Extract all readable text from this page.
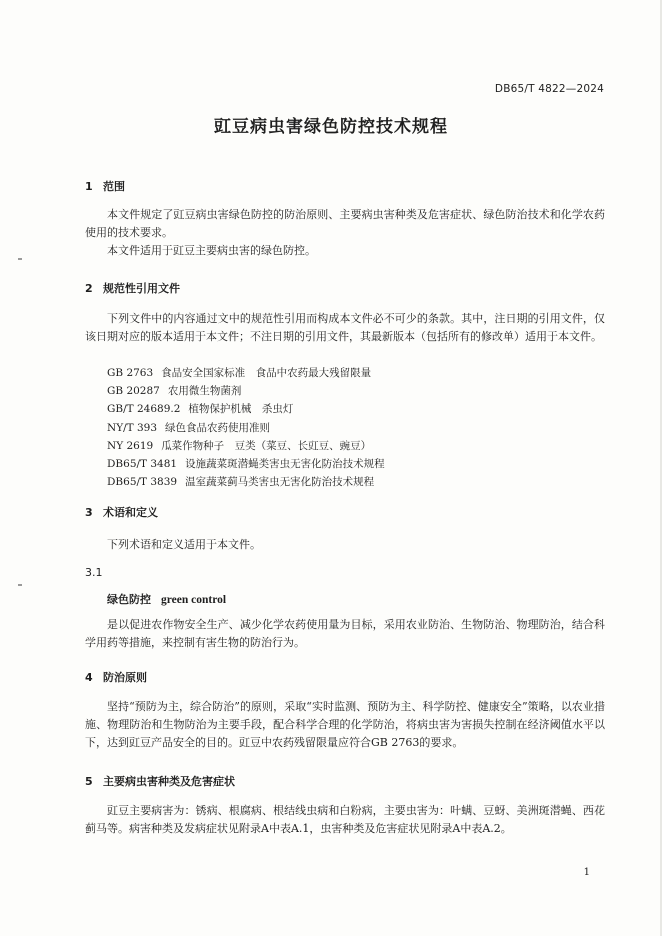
DB65/T 4822—2024
豇豆病虫害绿色防控技术规程
1 范围
本文件规定了豇豆病虫害绿色防控的防治原则、主要病虫害种类及危害症状、绿色防治技术和化学农药使用的技术要求。
本文件适用于豇豆主要病虫害的绿色防控。
2 规范性引用文件
下列文件中的内容通过文中的规范性引用而构成本文件必不可少的条款。其中，注日期的引用文件，仅该日期对应的版本适用于本文件；不注日期的引用文件，其最新版本（包括所有的修改单）适用于本文件。
GB 2763 食品安全国家标准　食品中农药最大残留限量
GB 20287 农用微生物菌剂
GB/T 24689.2 植物保护机械　杀虫灯
NY/T 393 绿色食品农药使用准则
NY 2619 瓜菜作物种子　豆类（菜豆、长豇豆、豌豆）
DB65/T 3481 设施蔬菜斑潜蝇类害虫无害化防治技术规程
DB65/T 3839 温室蔬菜蓟马类害虫无害化防治技术规程
3 术语和定义
下列术语和定义适用于本文件。
3.1
绿色防控 green control
是以促进农作物安全生产、减少化学农药使用量为目标，采用农业防治、生物防治、物理防治，结合科学用药等措施，来控制有害生物的防治行为。
4 防治原则
坚持“预防为主，综合防治”的原则，采取“实时监测、预防为主、科学防控、健康安全”策略，以农业措施、物理防治和生物防治为主要手段，配合科学合理的化学防治，将病虫害为害损失控制在经济阈值水平以下，达到豇豆产品安全的目的。豇豆中农药残留限量应符合GB 2763的要求。
5 主要病虫害种类及危害症状
豇豆主要病害为：锈病、根腐病、根结线虫病和白粉病，主要虫害为：叶螨、豆蚜、美洲斑潜蝇、西花蓟马等。病害种类及发病症状见附录A中表A.1，虫害种类及危害症状见附录A中表A.2。
1
